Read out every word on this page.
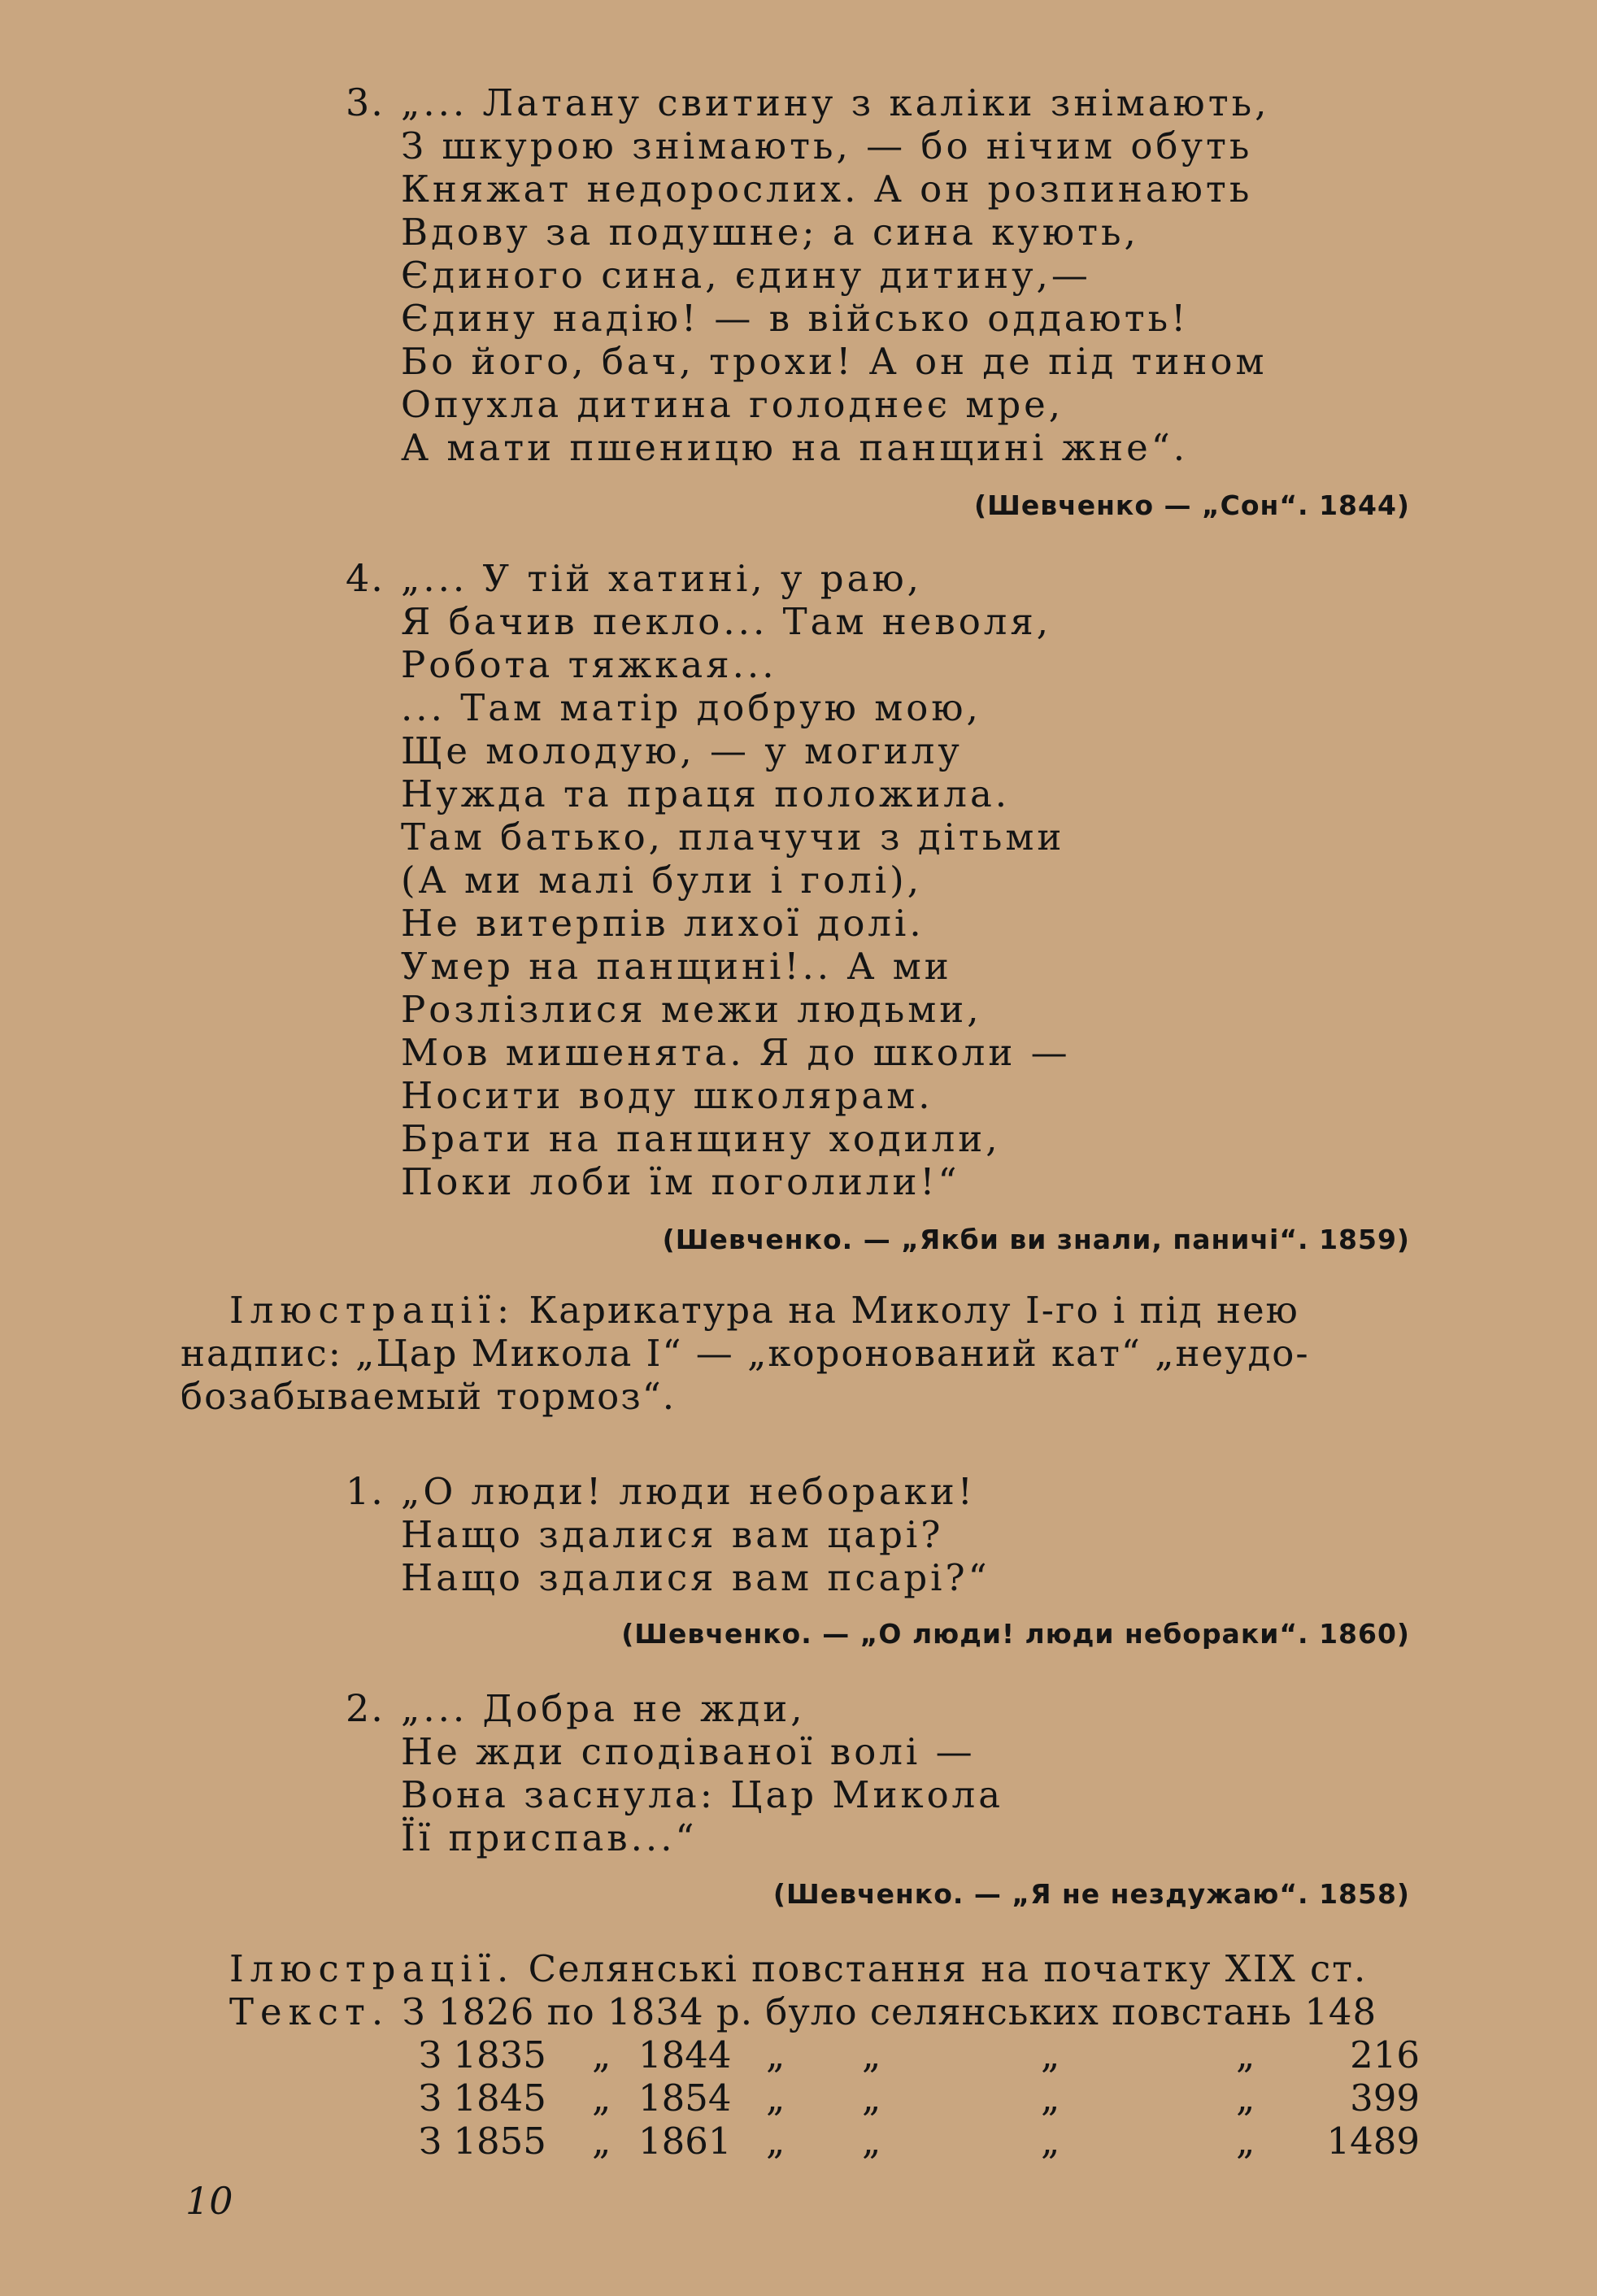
3. „... Латану свитину з каліки знімають,
З шкурою знімають, — бо нічим обуть
Княжат недорослих. А он розпинають
Вдову за подушне; а сина кують,
Єдиного сина, єдину дитину,—
Єдину надію! — в військо оддають!
Бо його, бач, трохи! А он де під тином
Опухла дитина голоднеє мре,
А мати пшеницю на панщині жне“.
(Шевченко — „Сон“. 1844)
4. „... У тій хатині, у раю,
Я бачив пекло... Там неволя,
Робота тяжкая...
... Там матір добрую мою,
Ще молодую, — у могилу
Нужда та праця положила.
Там батько, плачучи з дітьми
(А ми малі були і голі),
Не витерпів лихої долі.
Умер на панщині!.. А ми
Розлізлися межи людьми,
Мов мишенята. Я до школи —
Носити воду школярам.
Брати на панщину ходили,
Поки лоби їм поголили!“
(Шевченко. — „Якби ви знали, паничі“. 1859)
Ілюстрації: Карикатура на Миколу І-го і під нею
надпис: „Цар Микола І“ — „коронований кат“ „неудо-
бозабываемый тормоз“.
1. „О люди! люди небораки!
Нащо здалися вам царі?
Нащо здалися вам псарі?“
(Шевченко. — „О люди! люди небораки“. 1860)
2. „... Добра не жди,
Не жди сподіваної волі —
Вона заснула: Цар Микола
Її приспав...“
(Шевченко. — „Я не нездужаю“. 1858)
Ілюстрації. Селянські повстання на початку XIX ст.
Текст. З 1826 по 1834 р. було селянських повстань 148
З 1835 „ 1844 „ „	„	„	216
З 1845 „ 1854 „ „	„	„	399
З 1855 „ 1861 „ „	„	„ 1489
10
